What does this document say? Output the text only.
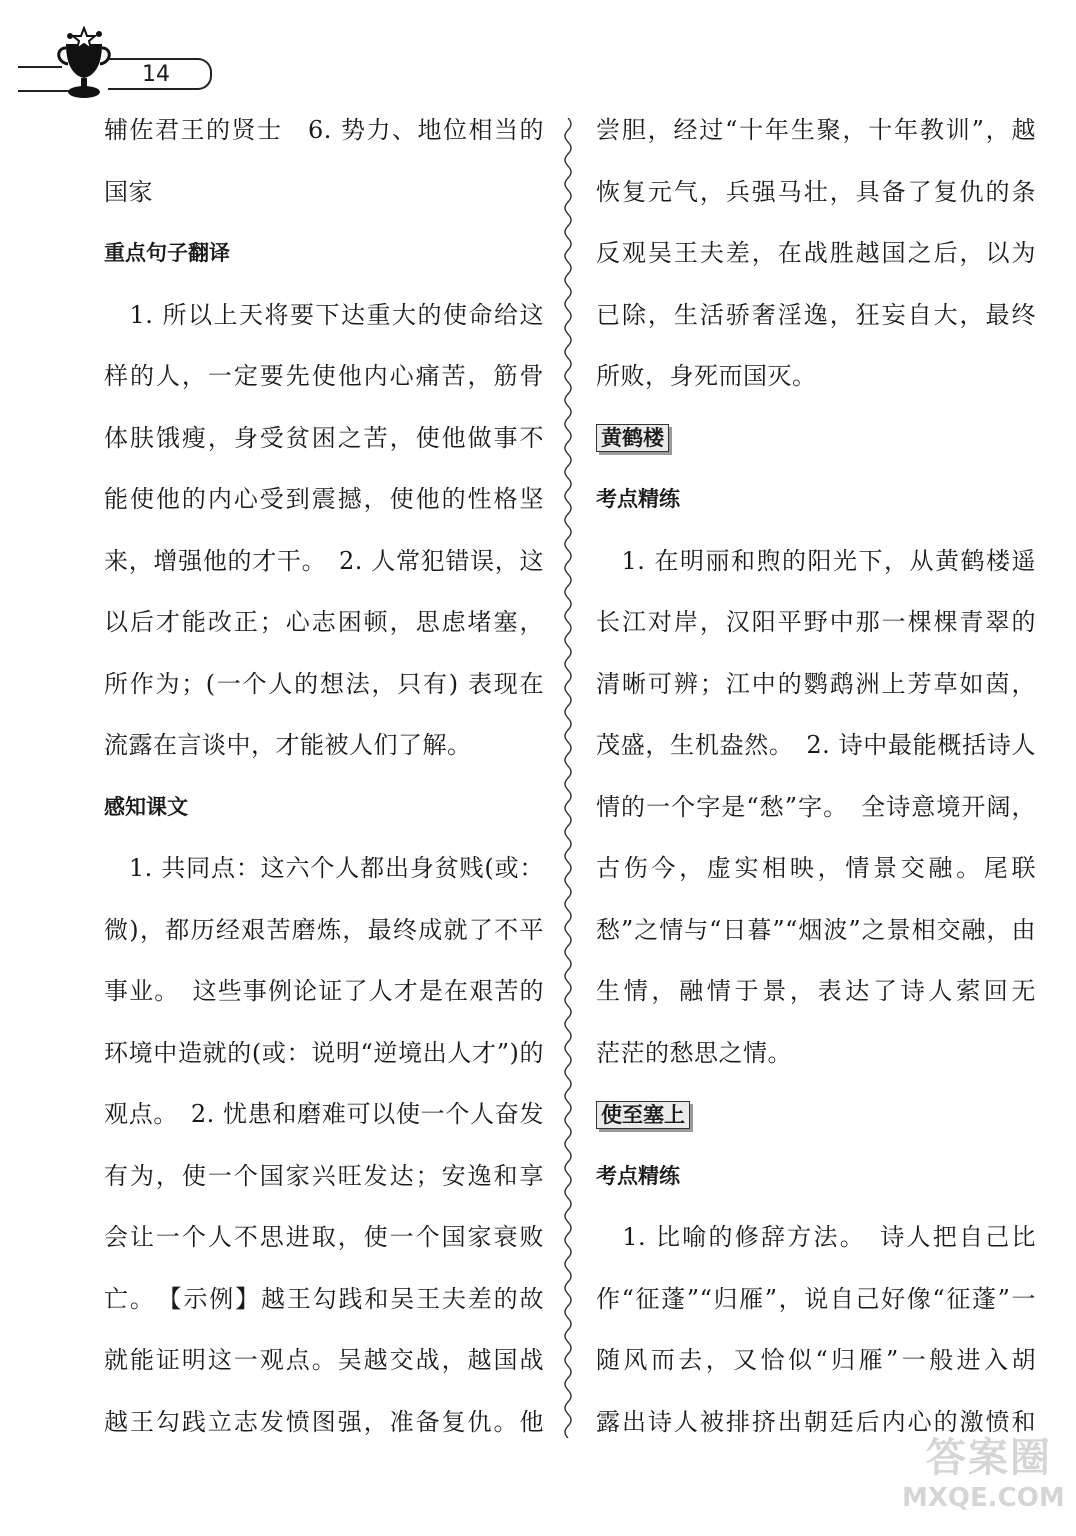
14
辅佐君王的贤士　6. 势力、地位相当的
国家
重点句子翻译
　1. 所以上天将要下达重大的使命给这
样的人，一定要先使他内心痛苦，筋骨
体肤饿瘦，身受贫困之苦，使他做事不
能使他的内心受到震撼，使他的性格坚
来，增强他的才干。　2. 人常犯错误，这
以后才能改正；心志困顿，思虑堵塞，
所作为；(一个人的想法，只有) 表现在
流露在言谈中，才能被人们了解。
感知课文
　1. 共同点：这六个人都出身贫贱(或：
微)，都历经艰苦磨炼，最终成就了不平
事业。　这些事例论证了人才是在艰苦的
环境中造就的(或：说明“逆境出人才”)的
观点。　2. 忧患和磨难可以使一个人奋发
有为，使一个国家兴旺发达；安逸和享
会让一个人不思进取，使一个国家衰败
亡。　【示例】越王勾践和吴王夫差的故
就能证明这一观点。吴越交战，越国战
越王勾践立志发愤图强，准备复仇。他
尝胆，经过“十年生聚，十年教训”，越
恢复元气，兵强马壮，具备了复仇的条
反观吴王夫差，在战胜越国之后，以为
已除，生活骄奢淫逸，狂妄自大，最终
所败，身死而国灭。
黄鹤楼
考点精练
　1. 在明丽和煦的阳光下，从黄鹤楼遥
长江对岸，汉阳平野中那一棵棵青翠的
清晰可辨；江中的鹦鹉洲上芳草如茵，
茂盛，生机盎然。　2. 诗中最能概括诗人
情的一个字是“愁”字。　全诗意境开阔，
古伤今，虚实相映，情景交融。尾联
愁”之情与“日暮”“烟波”之景相交融，由
生情，融情于景，表达了诗人萦回无
茫茫的愁思之情。
使至塞上
考点精练
　1. 比喻的修辞方法。　诗人把自己比
作“征蓬”“归雁”，说自己好像“征蓬”一
随风而去，又恰似“归雁”一般进入胡
露出诗人被排挤出朝廷后内心的激愤和
答案圈
MXQE.COM
